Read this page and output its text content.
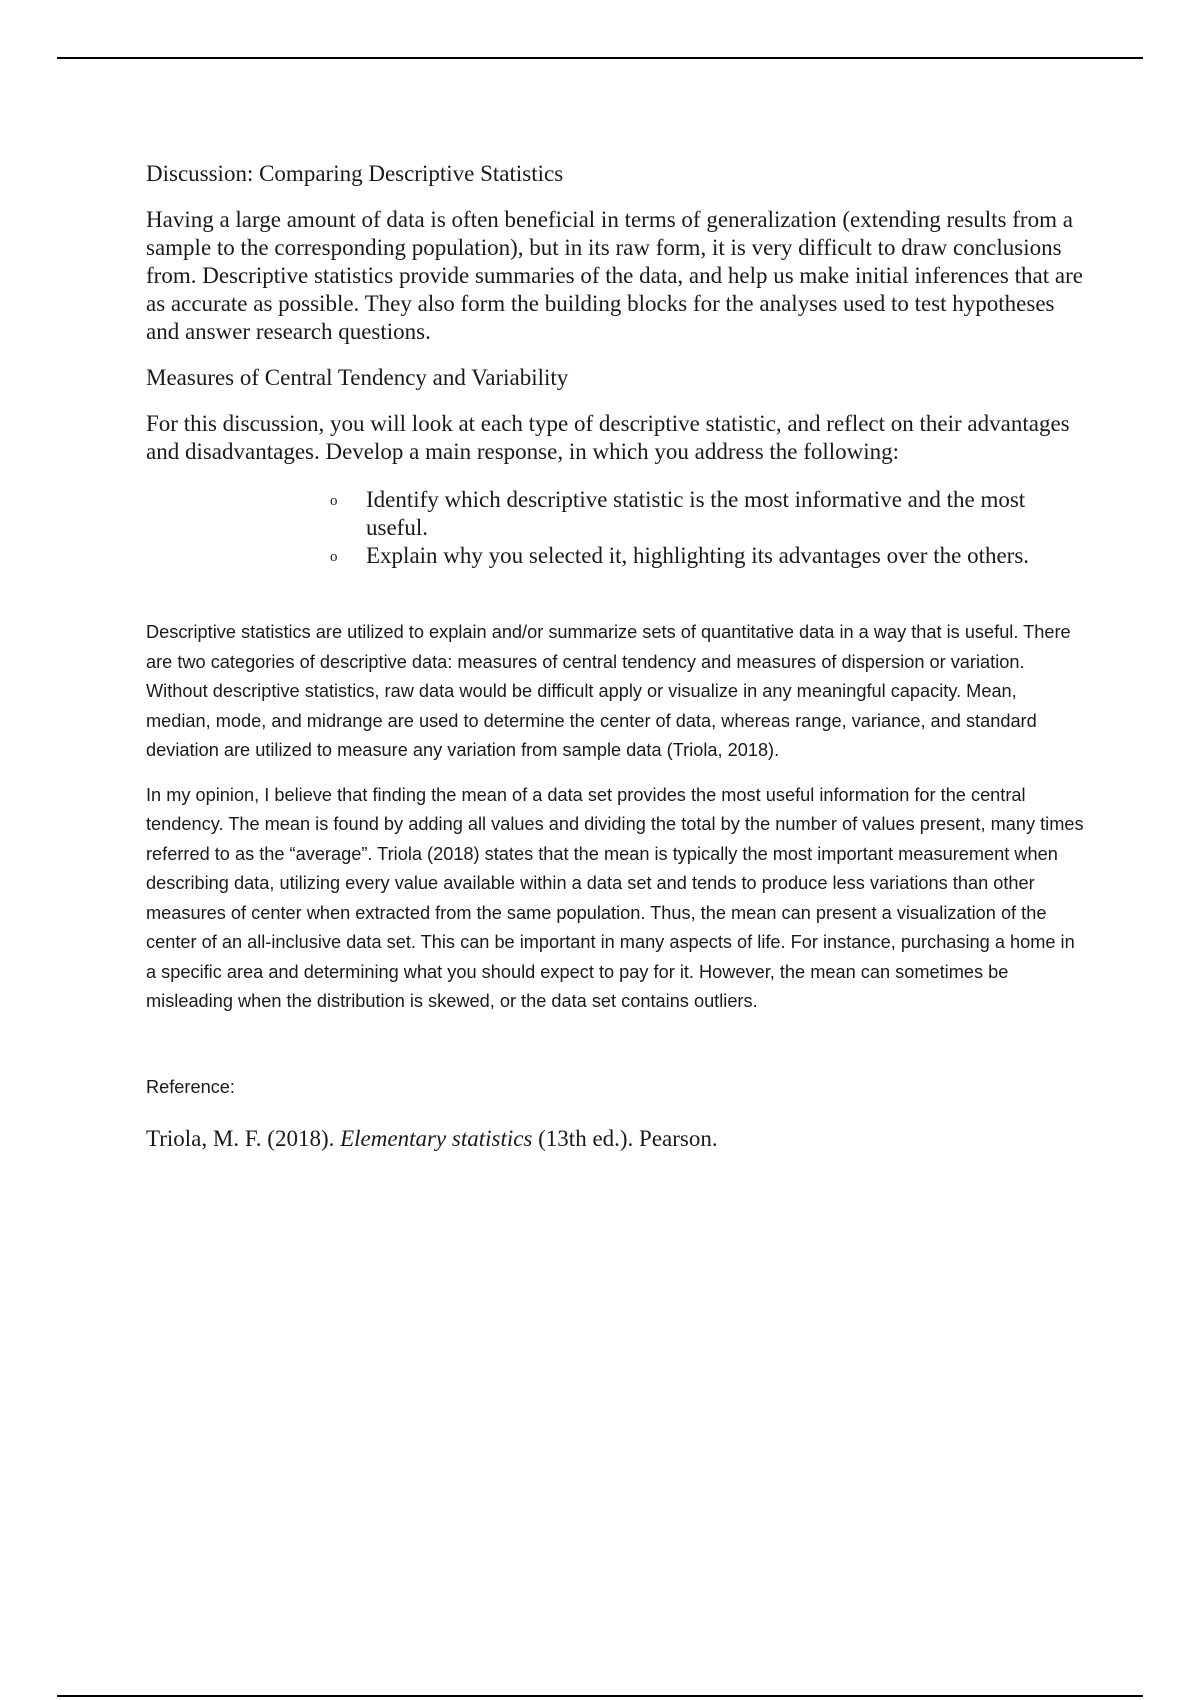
Discussion: Comparing Descriptive Statistics

Having a large amount of data is often beneficial in terms of generalization (extending results from a sample to the corresponding population), but in its raw form, it is very difficult to draw conclusions from. Descriptive statistics provide summaries of the data, and help us make initial inferences that are as accurate as possible. They also form the building blocks for the analyses used to test hypotheses and answer research questions.

Measures of Central Tendency and Variability

For this discussion, you will look at each type of descriptive statistic, and reflect on their advantages and disadvantages. Develop a main response, in which you address the following:

o Identify which descriptive statistic is the most informative and the most useful.
o Explain why you selected it, highlighting its advantages over the others.

Descriptive statistics are utilized to explain and/or summarize sets of quantitative data in a way that is useful. There are two categories of descriptive data: measures of central tendency and measures of dispersion or variation. Without descriptive statistics, raw data would be difficult apply or visualize in any meaningful capacity. Mean, median, mode, and midrange are used to determine the center of data, whereas range, variance, and standard deviation are utilized to measure any variation from sample data (Triola, 2018).

In my opinion, I believe that finding the mean of a data set provides the most useful information for the central tendency. The mean is found by adding all values and dividing the total by the number of values present, many times referred to as the “average”. Triola (2018) states that the mean is typically the most important measurement when describing data, utilizing every value available within a data set and tends to produce less variations than other measures of center when extracted from the same population. Thus, the mean can present a visualization of the center of an all-inclusive data set. This can be important in many aspects of life. For instance, purchasing a home in a specific area and determining what you should expect to pay for it. However, the mean can sometimes be misleading when the distribution is skewed, or the data set contains outliers.

Reference:

Triola, M. F. (2018). Elementary statistics (13th ed.). Pearson.
